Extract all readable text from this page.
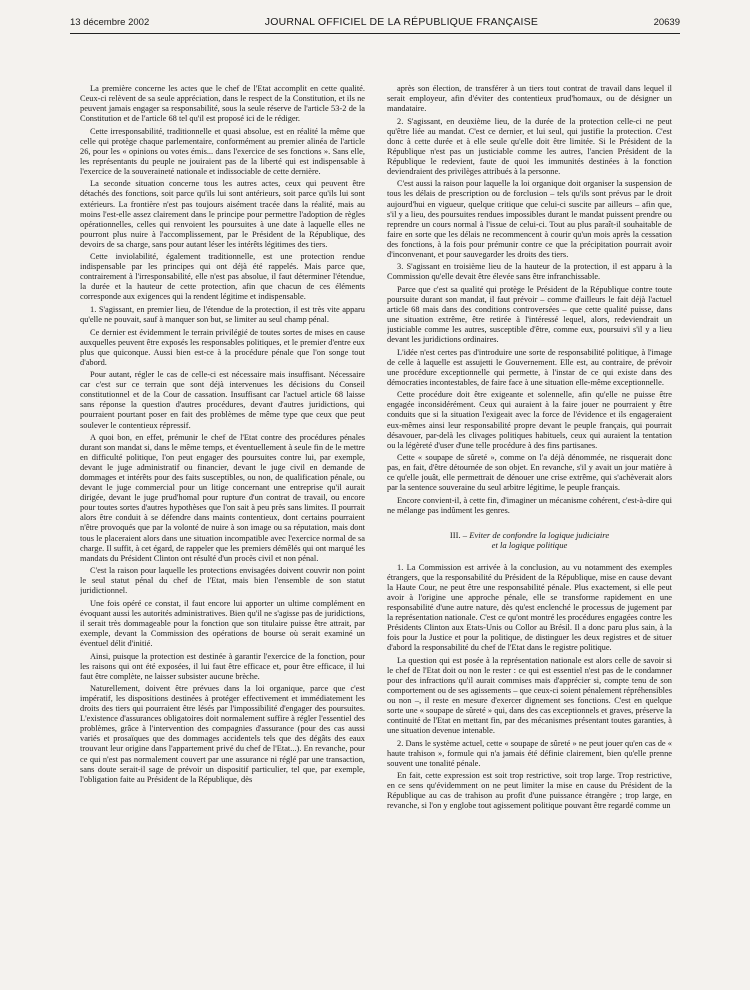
13 décembre 2002	JOURNAL OFFICIEL DE LA RÉPUBLIQUE FRANÇAISE	20639

La première concerne les actes que le chef de l'Etat accomplit en cette qualité. Ceux-ci relèvent de sa seule appréciation, dans le respect de la Constitution, et ils ne peuvent jamais engager sa responsabilité, sous la seule réserve de l'article 53-2 de la Constitution et de l'article 68 tel qu'il est proposé ici de le rédiger.

Cette irresponsabilité, traditionnelle et quasi absolue, est en réalité la même que celle qui protège chaque parlementaire, conformément au premier alinéa de l'article 26, pour les « opinions ou votes émis... dans l'exercice de ses fonctions ». Sans elle, les représentants du peuple ne jouiraient pas de la liberté qui est indispensable à l'exercice de la souveraineté nationale et indissociable de cette dernière.

La seconde situation concerne tous les autres actes, ceux qui peuvent être détachés des fonctions, soit parce qu'ils lui sont antérieurs, soit parce qu'ils lui sont extérieurs. La frontière n'est pas toujours aisément tracée dans la réalité, mais au moins l'est-elle assez clairement dans le principe pour permettre l'adoption de règles opérationnelles, celles qui renvoient les poursuites à une date à laquelle elles ne pourront plus nuire à l'accomplissement, par le Président de la République, des devoirs de sa charge, sans pour autant léser les intérêts légitimes des tiers.

Cette inviolabilité, également traditionnelle, est une protection rendue indispensable par les principes qui ont déjà été rappelés. Mais parce que, contrairement à l'irresponsabilité, elle n'est pas absolue, il faut déterminer l'étendue, la durée et la hauteur de cette protection, afin que chacun de ces éléments corresponde aux exigences qui la rendent légitime et indispensable.

1. S'agissant, en premier lieu, de l'étendue de la protection, il est très vite apparu qu'elle ne pouvait, sauf à manquer son but, se limiter au seul champ pénal.

Ce dernier est évidemment le terrain privilégié de toutes sortes de mises en cause auxquelles peuvent être exposés les responsables politiques, et le premier d'entre eux plus que quiconque. Aussi bien est-ce à la procédure pénale que l'on songe tout d'abord.

Pour autant, régler le cas de celle-ci est nécessaire mais insuffisant. Nécessaire car c'est sur ce terrain que sont déjà intervenues les décisions du Conseil constitutionnel et de la Cour de cassation. Insuffisant car l'actuel article 68 laisse sans réponse la question d'autres procédures, devant d'autres juridictions, qui pourraient pourtant poser en fait des problèmes de même type que ceux que peut soulever le contentieux répressif.

A quoi bon, en effet, prémunir le chef de l'Etat contre des procédures pénales durant son mandat si, dans le même temps, et éventuellement à seule fin de le mettre en difficulté politique, l'on peut engager des poursuites contre lui, par exemple, devant le juge administratif ou financier, devant le juge civil en demande de dommages et intérêts pour des faits susceptibles, ou non, de qualification pénale, ou devant le juge commercial pour un litige concernant une entreprise qu'il aurait dirigée, devant le juge prud'homal pour rupture d'un contrat de travail, ou encore pour toutes sortes d'autres hypothèses que l'on sait à peu près sans limites. Il pourrait alors être conduit à se défendre dans maints contentieux, dont certains pourraient n'être provoqués que par la volonté de nuire à son image ou sa réputation, mais dont tous le placeraient alors dans une situation incompatible avec l'exercice normal de sa charge. Il suffit, à cet égard, de rappeler que les premiers démêlés qui ont marqué les mandats du Président Clinton ont résulté d'un procès civil et non pénal.

C'est la raison pour laquelle les protections envisagées doivent couvrir non point le seul statut pénal du chef de l'Etat, mais bien l'ensemble de son statut juridictionnel.

Une fois opéré ce constat, il faut encore lui apporter un ultime complément en évoquant aussi les autorités administratives. Bien qu'il ne s'agisse pas de juridictions, il serait très dommageable pour la fonction que son titulaire puisse être attrait, par exemple, devant la Commission des opérations de bourse où serait examiné un éventuel délit d'initié.

Ainsi, puisque la protection est destinée à garantir l'exercice de la fonction, pour les raisons qui ont été exposées, il lui faut être efficace et, pour être efficace, il lui faut être complète, ne laisser subsister aucune brèche.

Naturellement, doivent être prévues dans la loi organique, parce que c'est impératif, les dispositions destinées à protéger effectivement et immédiatement les droits des tiers qui pourraient être lésés par l'impossibilité d'engager des poursuites. L'existence d'assurances obligatoires doit normalement suffire à régler l'essentiel des problèmes, grâce à l'intervention des compagnies d'assurance (pour des cas aussi variés et prosaïques que des dommages accidentels tels que des dégâts des eaux trouvant leur origine dans l'appartement privé du chef de l'Etat...). En revanche, pour ce qui n'est pas normalement couvert par une assurance ni réglé par une transaction, sans doute serait-il sage de prévoir un dispositif particulier, tel que, par exemple, l'obligation faite au Président de la République, dès

après son élection, de transférer à un tiers tout contrat de travail dans lequel il serait employeur, afin d'éviter des contentieux prud'homaux, ou de désigner un mandataire.

2. S'agissant, en deuxième lieu, de la durée de la protection celle-ci ne peut qu'être liée au mandat. C'est ce dernier, et lui seul, qui justifie la protection. C'est donc à cette durée et à elle seule qu'elle doit être limitée. Si le Président de la République n'est pas un justiciable comme les autres, l'ancien Président de la République le redevient, faute de quoi les immunités destinées à la fonction deviendraient des privilèges attribués à la personne.

C'est aussi la raison pour laquelle la loi organique doit organiser la suspension de tous les délais de prescription ou de forclusion – tels qu'ils sont prévus par le droit aujourd'hui en vigueur, quelque critique que celui-ci suscite par ailleurs – afin que, s'il y a lieu, des poursuites rendues impossibles durant le mandat puissent prendre ou reprendre un cours normal à l'issue de celui-ci. Tout au plus paraît-il souhaitable de faire en sorte que les délais ne recommencent à courir qu'un mois après la cessation des fonctions, à la fois pour prémunir contre ce que la précipitation pourrait avoir d'inconvenant, et pour sauvegarder les droits des tiers.

3. S'agissant en troisième lieu de la hauteur de la protection, il est apparu à la Commission qu'elle devait être élevée sans être infranchissable.

Parce que c'est sa qualité qui protège le Président de la République contre toute poursuite durant son mandat, il faut prévoir – comme d'ailleurs le fait déjà l'actuel article 68 mais dans des conditions controversées – que cette qualité puisse, dans une situation extrême, être retirée à l'intéressé lequel, alors, redeviendrait un justiciable comme les autres, susceptible d'être, comme eux, poursuivi s'il y a lieu devant les juridictions ordinaires.

L'idée n'est certes pas d'introduire une sorte de responsabilité politique, à l'image de celle à laquelle est assujetti le Gouvernement. Elle est, au contraire, de prévoir une procédure exceptionnelle qui permette, à l'instar de ce qui existe dans des démocraties incontestables, de faire face à une situation elle-même exceptionnelle.

Cette procédure doit être exigeante et solennelle, afin qu'elle ne puisse être engagée inconsidérément. Ceux qui auraient à la faire jouer ne pourraient y être conduits que si la situation l'exigeait avec la force de l'évidence et ils engageraient eux-mêmes ainsi leur responsabilité propre devant le peuple français, qui pourrait désavouer, par-delà les clivages politiques habituels, ceux qui auraient la tentation ou la légèreté d'user d'une telle procédure à des fins partisanes.

Cette « soupape de sûreté », comme on l'a déjà dénommée, ne risquerait donc pas, en fait, d'être détournée de son objet. En revanche, s'il y avait un jour matière à ce qu'elle jouât, elle permettrait de dénouer une crise extrême, qui s'achèverait alors par la sentence souveraine du seul arbitre légitime, le peuple français.

Encore convient-il, à cette fin, d'imaginer un mécanisme cohérent, c'est-à-dire qui ne mélange pas indûment les genres.

III. – Eviter de confondre la logique judiciaire
et la logique politique

1. La Commission est arrivée à la conclusion, au vu notamment des exemples étrangers, que la responsabilité du Président de la République, mise en cause devant la Haute Cour, ne peut être une responsabilité pénale. Plus exactement, si elle peut avoir à l'origine une approche pénale, elle se transforme rapidement en une responsabilité d'une autre nature, dès qu'est enclenché le processus de jugement par la représentation nationale. C'est ce qu'ont montré les procédures engagées contre les Présidents Clinton aux Etats-Unis ou Collor au Brésil. Il a donc paru plus sain, à la fois pour la Justice et pour la politique, de distinguer les deux registres et de situer d'abord la responsabilité du chef de l'Etat dans le registre politique.

La question qui est posée à la représentation nationale est alors celle de savoir si le chef de l'Etat doit ou non le rester : ce qui est essentiel n'est pas de le condamner pour des infractions qu'il aurait commises mais d'apprécier si, compte tenu de son comportement ou de ses agissements – que ceux-ci soient pénalement répréhensibles ou non –, il reste en mesure d'exercer dignement ses fonctions. C'est en quelque sorte une « soupape de sûreté » qui, dans des cas exceptionnels et graves, préserve la continuité de l'Etat en mettant fin, par des mécanismes présentant toutes garanties, à une situation devenue intenable.

2. Dans le système actuel, cette « soupape de sûreté » ne peut jouer qu'en cas de « haute trahison », formule qui n'a jamais été définie clairement, bien qu'elle prenne souvent une tonalité pénale.

En fait, cette expression est soit trop restrictive, soit trop large. Trop restrictive, en ce sens qu'évidemment on ne peut limiter la mise en cause du Président de la République au cas de trahison au profit d'une puissance étrangère ; trop large, en revanche, si l'on y englobe tout agissement politique pouvant être regardé comme un
